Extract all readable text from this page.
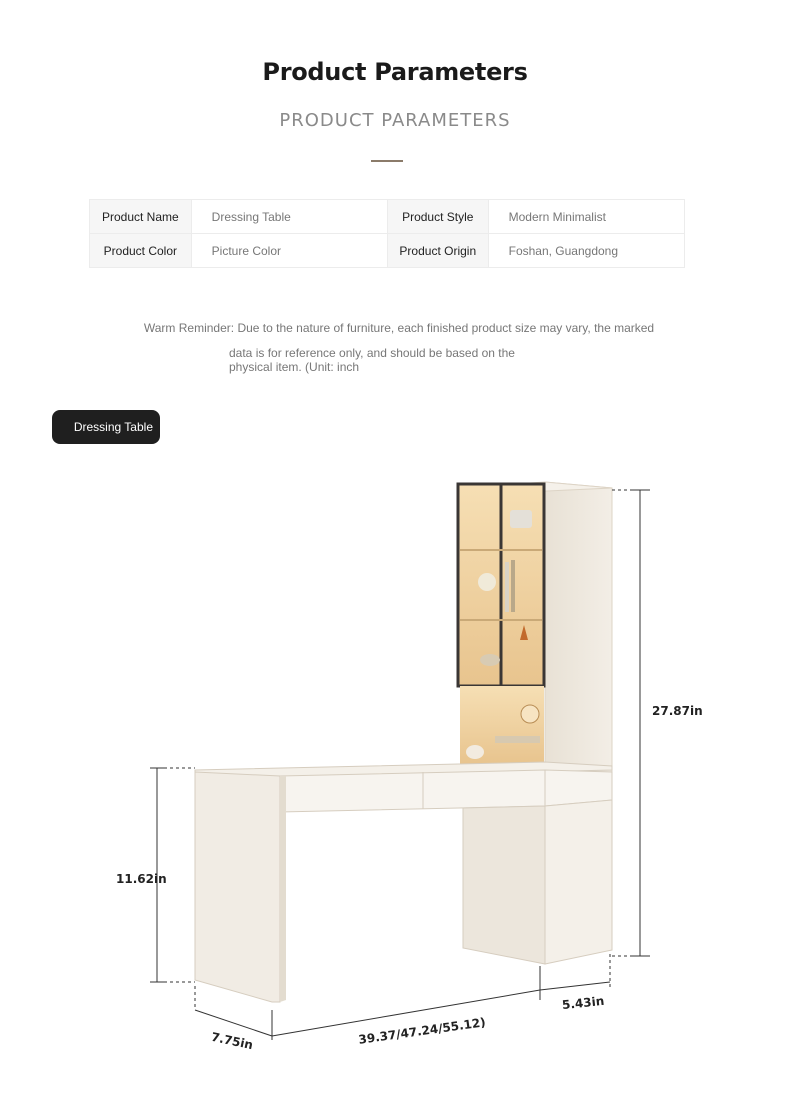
Product Parameters
PRODUCT PARAMETERS
Product Name	Dressing Table	Product Style	Modern Minimalist
Product Color	Picture Color	Product Origin	Foshan, Guangdong
Warm Reminder: Due to the nature of furniture, each finished product size may vary, the marked
data is for reference only, and should be based on the physical item. (Unit: inch
Dressing Table
27.87in
11.62in
39.37/47.24/55.12)
7.75in
5.43in
